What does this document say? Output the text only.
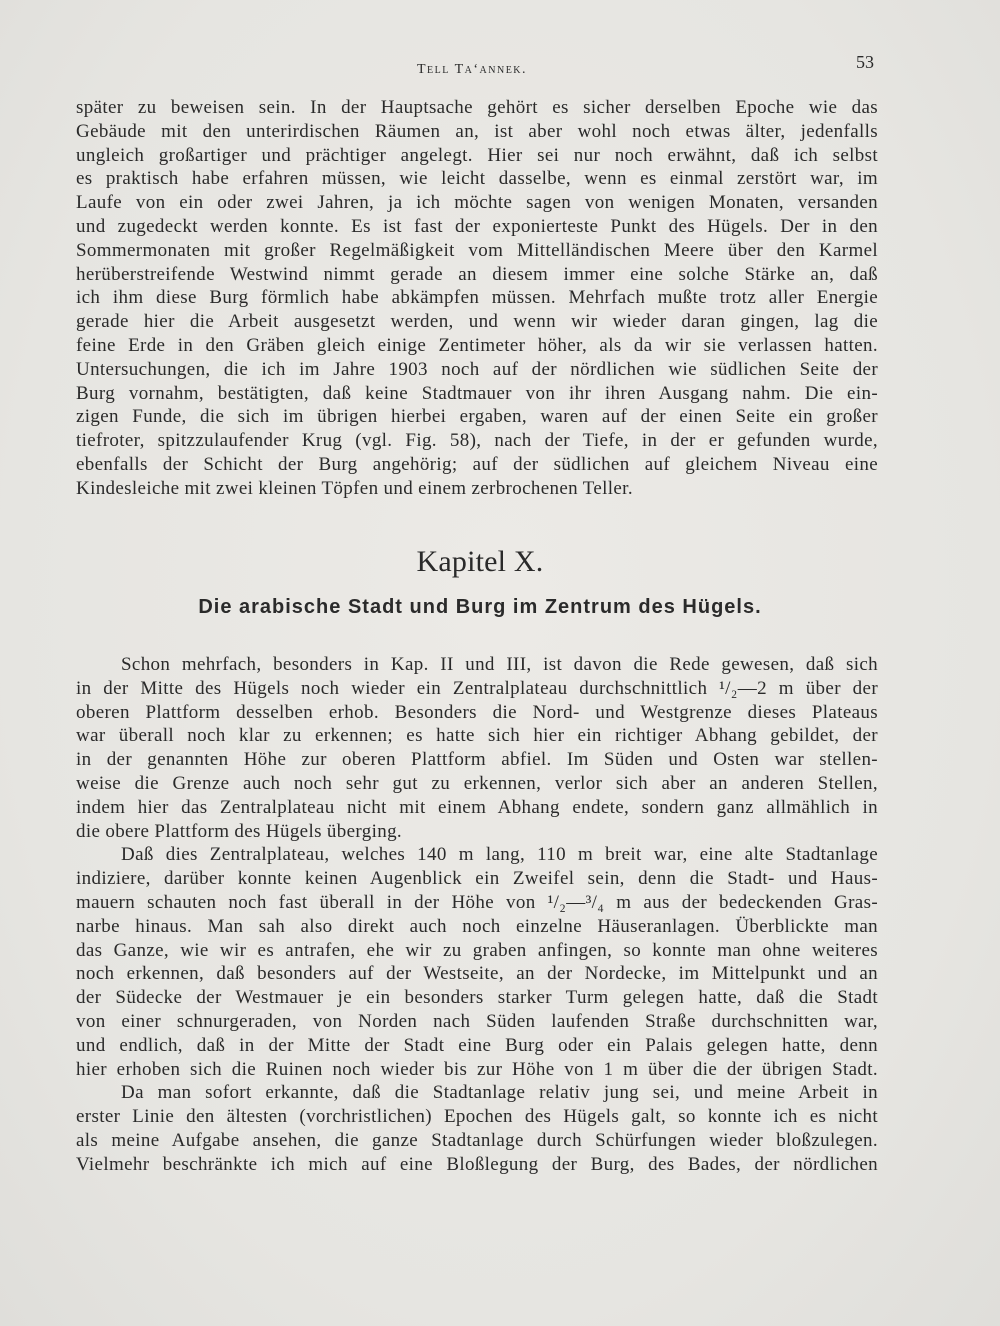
Tell Ta‘annek.	53
später zu beweisen sein. In der Hauptsache gehört es sicher derselben Epoche wie das
Gebäude mit den unterirdischen Räumen an, ist aber wohl noch etwas älter, jedenfalls
ungleich großartiger und prächtiger angelegt. Hier sei nur noch erwähnt, daß ich selbst
es praktisch habe erfahren müssen, wie leicht dasselbe, wenn es einmal zerstört war, im
Laufe von ein oder zwei Jahren, ja ich möchte sagen von wenigen Monaten, versanden
und zugedeckt werden konnte. Es ist fast der exponierteste Punkt des Hügels. Der in den
Sommermonaten mit großer Regelmäßigkeit vom Mittelländischen Meere über den Karmel
herüberstreifende Westwind nimmt gerade an diesem immer eine solche Stärke an, daß
ich ihm diese Burg förmlich habe abkämpfen müssen. Mehrfach mußte trotz aller Energie
gerade hier die Arbeit ausgesetzt werden, und wenn wir wieder daran gingen, lag die
feine Erde in den Gräben gleich einige Zentimeter höher, als da wir sie verlassen hatten.
Untersuchungen, die ich im Jahre 1903 noch auf der nördlichen wie südlichen Seite der
Burg vornahm, bestätigten, daß keine Stadtmauer von ihr ihren Ausgang nahm. Die ein-
zigen Funde, die sich im übrigen hierbei ergaben, waren auf der einen Seite ein großer
tiefroter, spitzzulaufender Krug (vgl. Fig. 58), nach der Tiefe, in der er gefunden wurde,
ebenfalls der Schicht der Burg angehörig; auf der südlichen auf gleichem Niveau eine
Kindesleiche mit zwei kleinen Töpfen und einem zerbrochenen Teller.
Kapitel X.
Die arabische Stadt und Burg im Zentrum des Hügels.
Schon mehrfach, besonders in Kap. II und III, ist davon die Rede gewesen, daß sich
in der Mitte des Hügels noch wieder ein Zentralplateau durchschnittlich ¹/₂—2 m über der
oberen Plattform desselben erhob. Besonders die Nord- und Westgrenze dieses Plateaus
war überall noch klar zu erkennen; es hatte sich hier ein richtiger Abhang gebildet, der
in der genannten Höhe zur oberen Plattform abfiel. Im Süden und Osten war stellen-
weise die Grenze auch noch sehr gut zu erkennen, verlor sich aber an anderen Stellen,
indem hier das Zentralplateau nicht mit einem Abhang endete, sondern ganz allmählich in
die obere Plattform des Hügels überging.
Daß dies Zentralplateau, welches 140 m lang, 110 m breit war, eine alte Stadtanlage
indiziere, darüber konnte keinen Augenblick ein Zweifel sein, denn die Stadt- und Haus-
mauern schauten noch fast überall in der Höhe von ¹/₂—³/₄ m aus der bedeckenden Gras-
narbe hinaus. Man sah also direkt auch noch einzelne Häuseranlagen. Überblickte man
das Ganze, wie wir es antrafen, ehe wir zu graben anfingen, so konnte man ohne weiteres
noch erkennen, daß besonders auf der Westseite, an der Nordecke, im Mittelpunkt und an
der Südecke der Westmauer je ein besonders starker Turm gelegen hatte, daß die Stadt
von einer schnurgeraden, von Norden nach Süden laufenden Straße durchschnitten war,
und endlich, daß in der Mitte der Stadt eine Burg oder ein Palais gelegen hatte, denn
hier erhoben sich die Ruinen noch wieder bis zur Höhe von 1 m über die der übrigen Stadt.
Da man sofort erkannte, daß die Stadtanlage relativ jung sei, und meine Arbeit in
erster Linie den ältesten (vorchristlichen) Epochen des Hügels galt, so konnte ich es nicht
als meine Aufgabe ansehen, die ganze Stadtanlage durch Schürfungen wieder bloßzulegen.
Vielmehr beschränkte ich mich auf eine Bloßlegung der Burg, des Bades, der nördlichen
